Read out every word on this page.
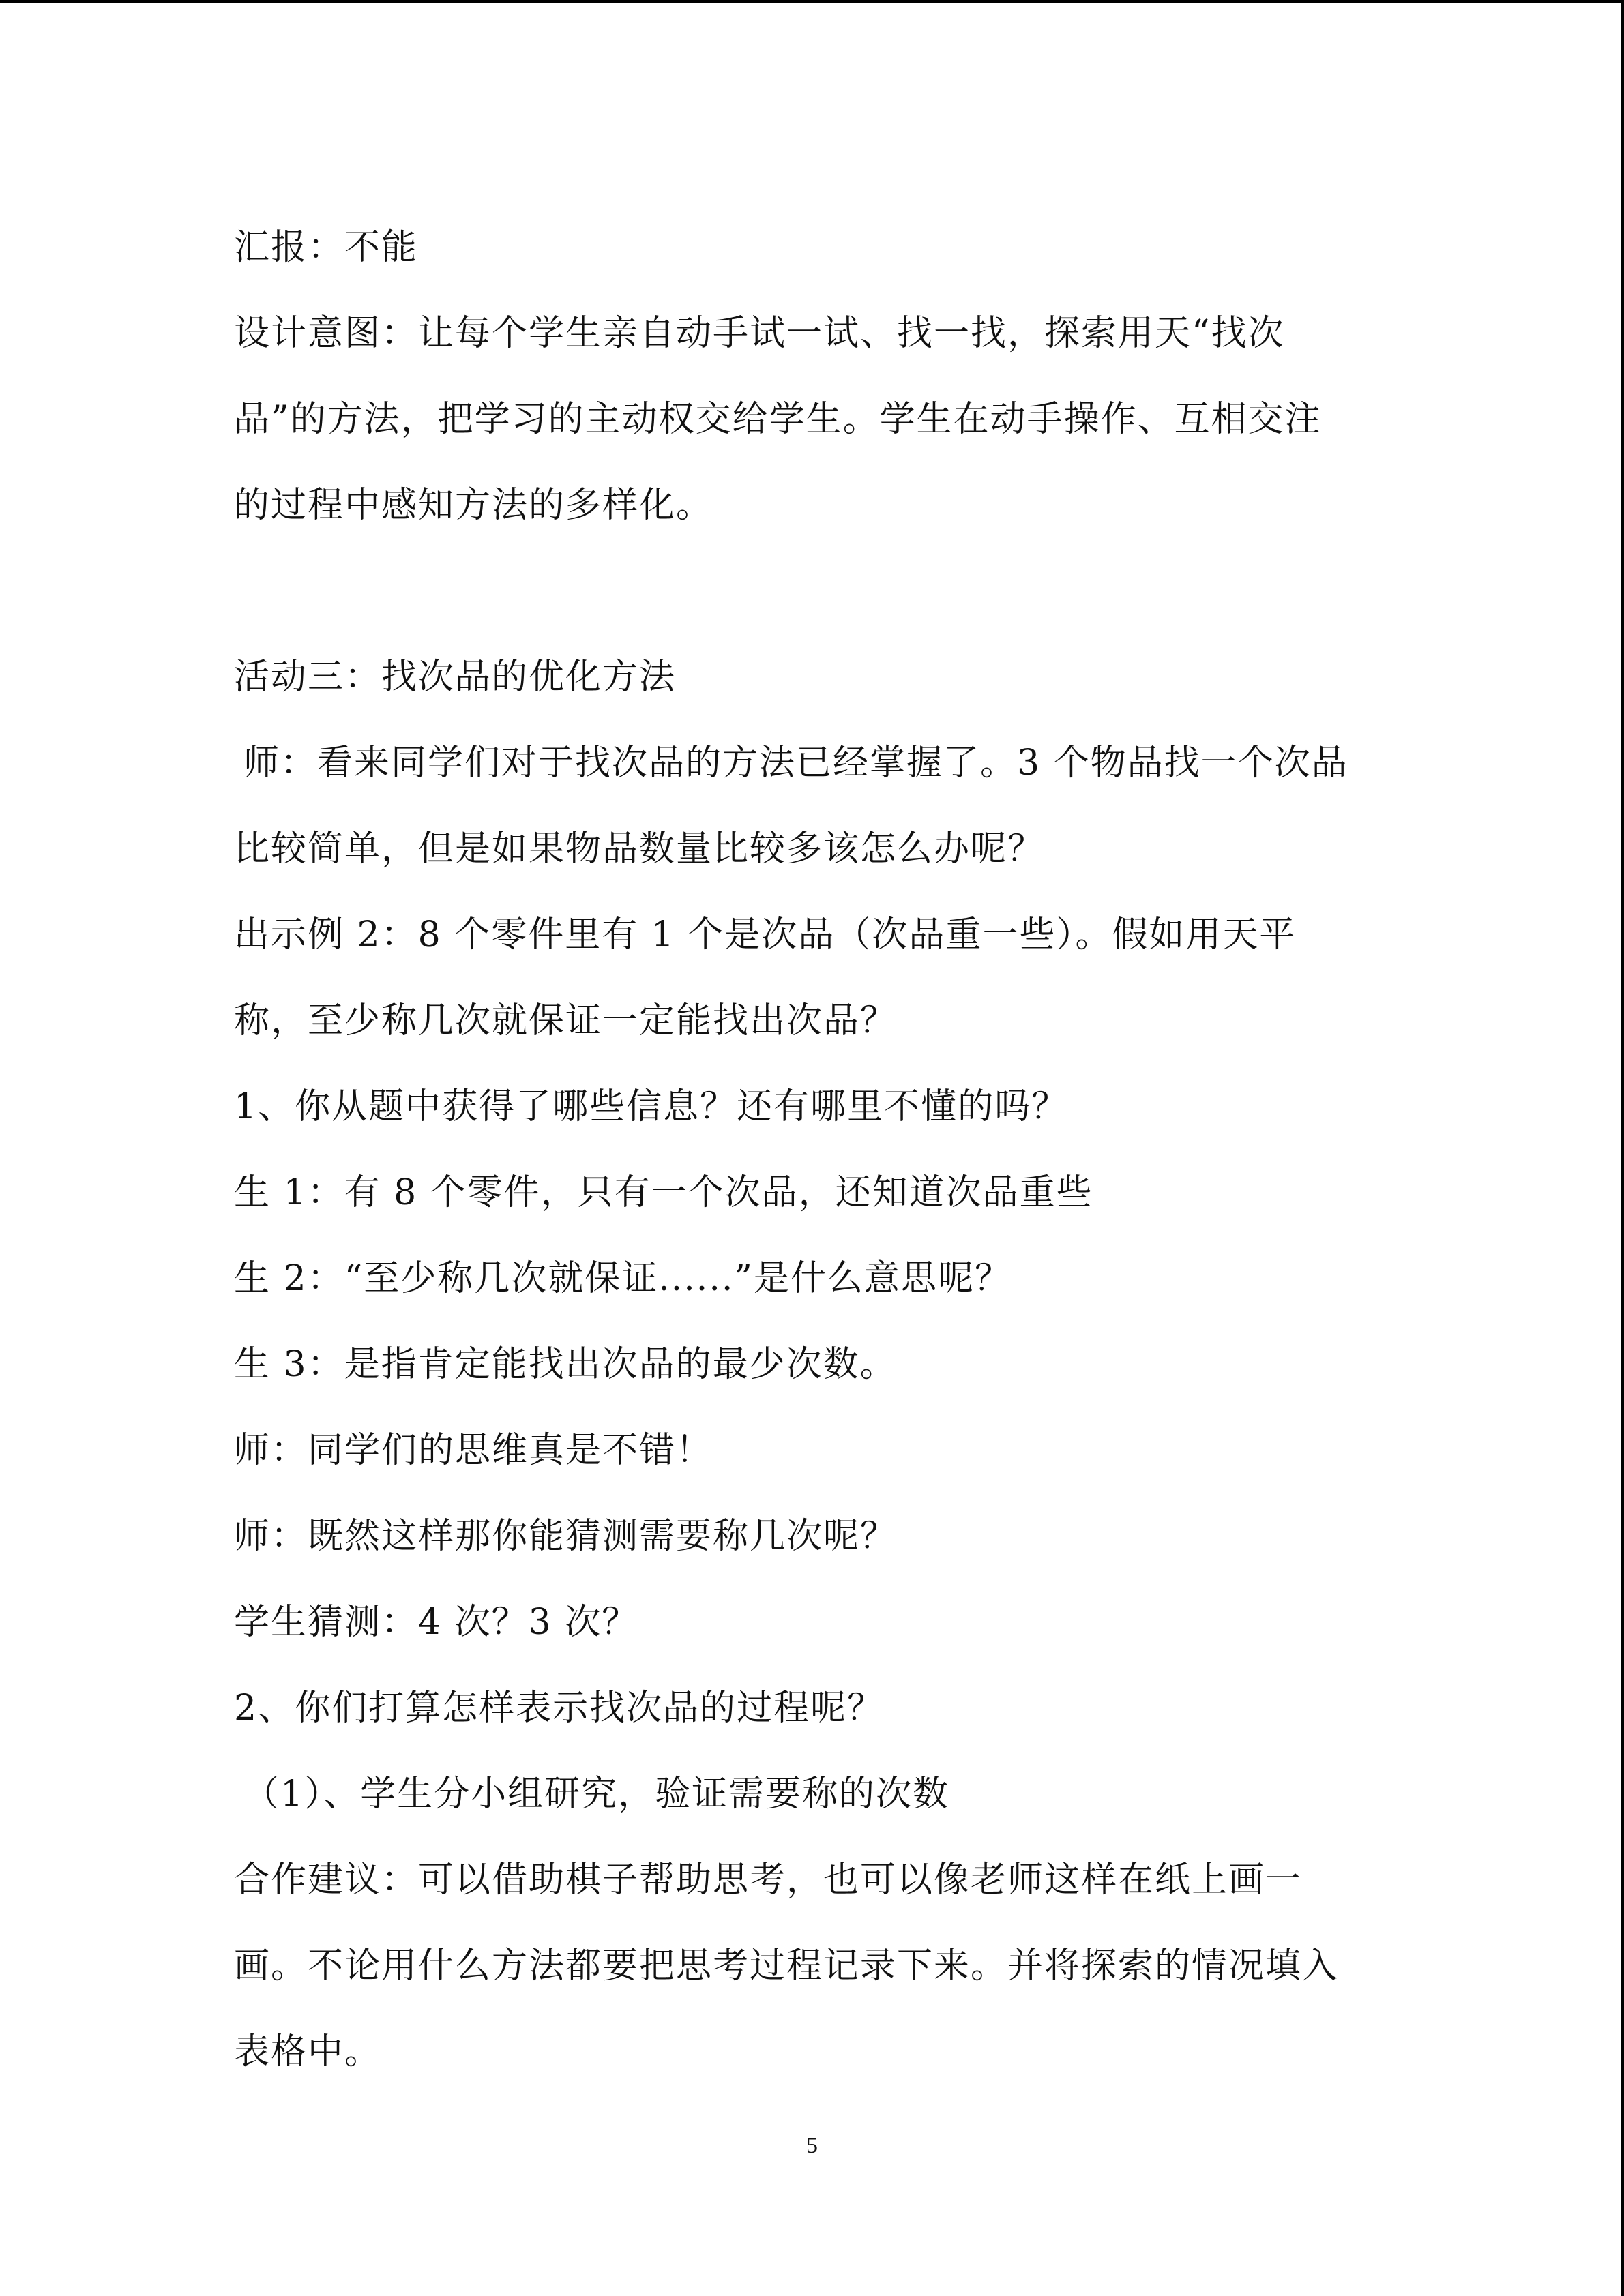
汇报：不能
设计意图：让每个学生亲自动手试一试、找一找，探索用天“找次
品”的方法，把学习的主动权交给学生。学生在动手操作、互相交注
的过程中感知方法的多样化。
活动三：找次品的优化方法
师：看来同学们对于找次品的方法已经掌握了。3 个物品找一个次品
比较简单，但是如果物品数量比较多该怎么办呢？
出示例 2：8 个零件里有 1 个是次品（次品重一些）。假如用天平
称，至少称几次就保证一定能找出次品？
1、你从题中获得了哪些信息？还有哪里不懂的吗？
生 1：有 8 个零件，只有一个次品，还知道次品重些
生 2：“至少称几次就保证......”是什么意思呢？
生 3：是指肯定能找出次品的最少次数。
师：同学们的思维真是不错！
师：既然这样那你能猜测需要称几次呢？
学生猜测：4 次？3 次？
2、你们打算怎样表示找次品的过程呢？
（1）、学生分小组研究，验证需要称的次数
合作建议：可以借助棋子帮助思考，也可以像老师这样在纸上画一
画。不论用什么方法都要把思考过程记录下来。并将探索的情况填入
表格中。
5
